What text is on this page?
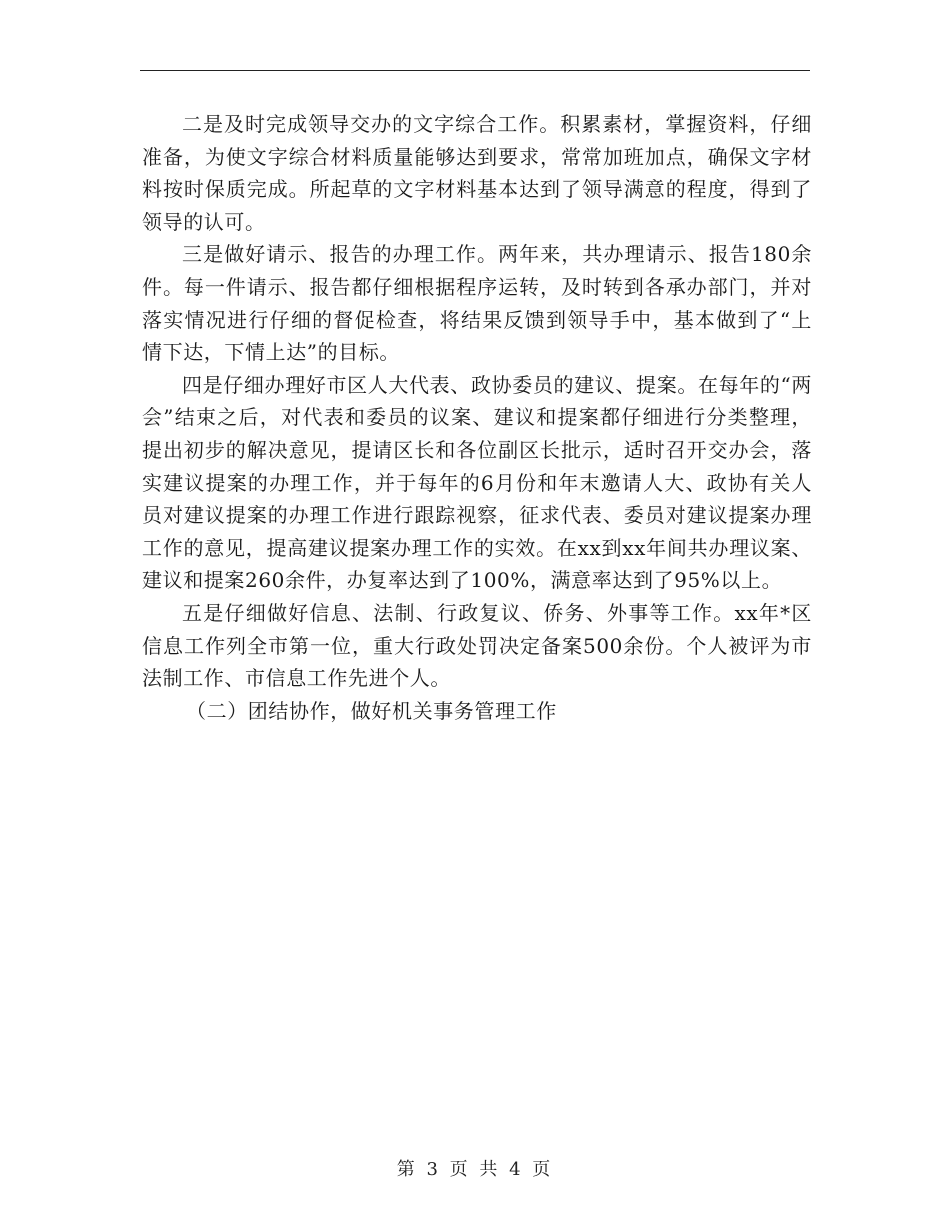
二是及时完成领导交办的文字综合工作。积累素材，掌握资料，仔细准备，为使文字综合材料质量能够达到要求，常常加班加点，确保文字材料按时保质完成。所起草的文字材料基本达到了领导满意的程度，得到了领导的认可。

三是做好请示、报告的办理工作。两年来，共办理请示、报告180余件。每一件请示、报告都仔细根据程序运转，及时转到各承办部门，并对落实情况进行仔细的督促检查，将结果反馈到领导手中，基本做到了“上情下达，下情上达”的目标。

四是仔细办理好市区人大代表、政协委员的建议、提案。在每年的“两会”结束之后，对代表和委员的议案、建议和提案都仔细进行分类整理，提出初步的解决意见，提请区长和各位副区长批示，适时召开交办会，落实建议提案的办理工作，并于每年的6月份和年末邀请人大、政协有关人员对建议提案的办理工作进行跟踪视察，征求代表、委员对建议提案办理工作的意见，提高建议提案办理工作的实效。在xx到xx年间共办理议案、建议和提案260余件，办复率达到了100%，满意率达到了95%以上。

五是仔细做好信息、法制、行政复议、侨务、外事等工作。xx年*区信息工作列全市第一位，重大行政处罚决定备案500余份。个人被评为市法制工作、市信息工作先进个人。

（二）团结协作，做好机关事务管理工作

第 3 页 共 4 页
